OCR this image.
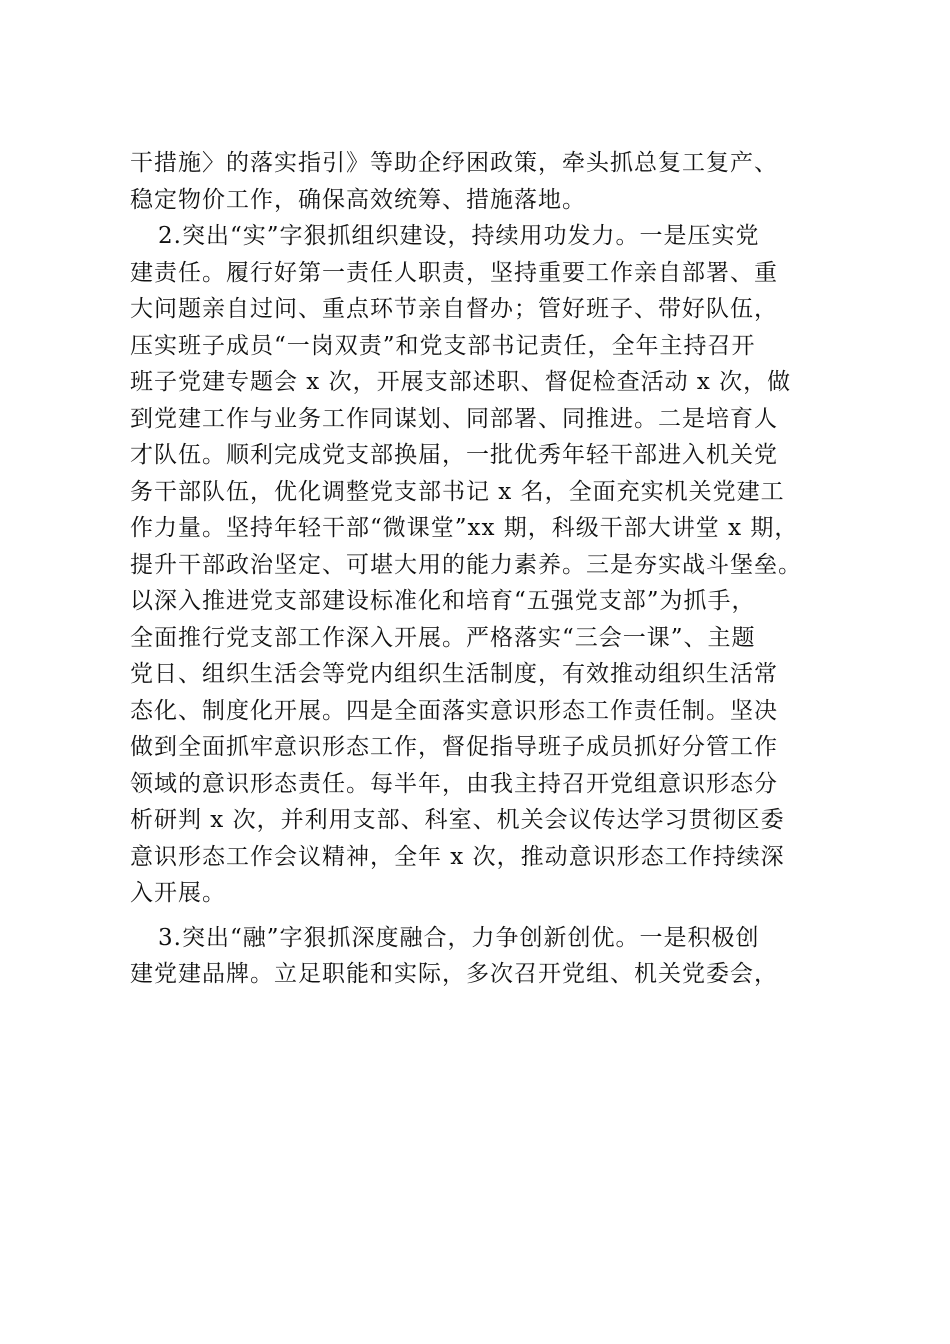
干措施〉的落实指引》等助企纾困政策，牵头抓总复工复产、
稳定物价工作，确保高效统筹、措施落地。
2.突出“实”字狠抓组织建设，持续用功发力。一是压实党
建责任。履行好第一责任人职责，坚持重要工作亲自部署、重
大问题亲自过问、重点环节亲自督办；管好班子、带好队伍，
压实班子成员“一岗双责”和党支部书记责任，全年主持召开
班子党建专题会 x 次，开展支部述职、督促检查活动 x 次，做
到党建工作与业务工作同谋划、同部署、同推进。二是培育人
才队伍。顺利完成党支部换届，一批优秀年轻干部进入机关党
务干部队伍，优化调整党支部书记 x 名，全面充实机关党建工
作力量。坚持年轻干部“微课堂”xx 期，科级干部大讲堂 x 期，
提升干部政治坚定、可堪大用的能力素养。三是夯实战斗堡垒。
以深入推进党支部建设标准化和培育“五强党支部”为抓手，
全面推行党支部工作深入开展。严格落实“三会一课”、主题
党日、组织生活会等党内组织生活制度，有效推动组织生活常
态化、制度化开展。四是全面落实意识形态工作责任制。坚决
做到全面抓牢意识形态工作，督促指导班子成员抓好分管工作
领域的意识形态责任。每半年，由我主持召开党组意识形态分
析研判 x 次，并利用支部、科室、机关会议传达学习贯彻区委
意识形态工作会议精神，全年 x 次，推动意识形态工作持续深
入开展。
3.突出“融”字狠抓深度融合，力争创新创优。一是积极创
建党建品牌。立足职能和实际，多次召开党组、机关党委会，
